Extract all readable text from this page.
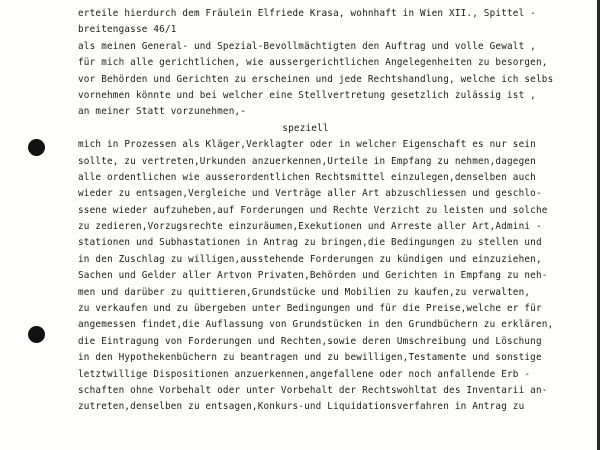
erteile hierdurch dem Fräulein Elfriede Krasa, wohnhaft in Wien XII., Spittel -
breitengasse 46/1
als meinen General- und Spezial-Bevollmächtigten den Auftrag und volle Gewalt ,
für mich alle gerichtlichen, wie aussergerichtlichen Angelegenheiten zu besorgen,
vor Behörden und Gerichten zu erscheinen und jede Rechtshandlung, welche ich selbs
vornehmen könnte und bei welcher eine Stellvertretung gesetzlich zulässig ist ,
an meiner Statt vorzunehmen,-
speziell
mich in Prozessen als Kläger,Verklagter oder in welcher Eigenschaft es nur sein
sollte, zu vertreten,Urkunden anzuerkennen,Urteile in Empfang zu nehmen,dagegen
alle ordentlichen wie ausserordentlichen Rechtsmittel einzulegen,denselben auch
wieder zu entsagen,Vergleiche und Verträge aller Art abzuschliessen und geschlo-
ssene wieder aufzuheben,auf Forderungen und Rechte Verzicht zu leisten und solche
zu zedieren,Vorzugsrechte einzuräumen,Exekutionen und Arreste aller Art,Admini -
stationen und Subhastationen in Antrag zu bringen,die Bedingungen zu stellen und
in den Zuschlag zu willigen,ausstehende Forderungen zu kündigen und einzuziehen,
Sachen und Gelder aller Artvon Privaten,Behörden und Gerichten in Empfang zu neh-
men und darüber zu quittieren,Grundstücke und Mobilien zu kaufen,zu verwalten,
zu verkaufen und zu übergeben unter Bedingungen und für die Preise,welche er für
angemessen findet,die Auflassung von Grundstücken in den Grundbüchern zu erklären,
die Eintragung von Forderungen und Rechten,sowie deren Umschreibung und Löschung
in den Hypothekenbüchern zu beantragen und zu bewilligen,Testamente und sonstige
letztwillige Dispositionen anzuerkennen,angefallene oder noch anfallende Erb -
schaften ohne Vorbehalt oder unter Vorbehalt der Rechtswohltat des Inventarii an-
zutreten,denselben zu entsagen,Konkurs-und Liquidationsverfahren in Antrag zu
